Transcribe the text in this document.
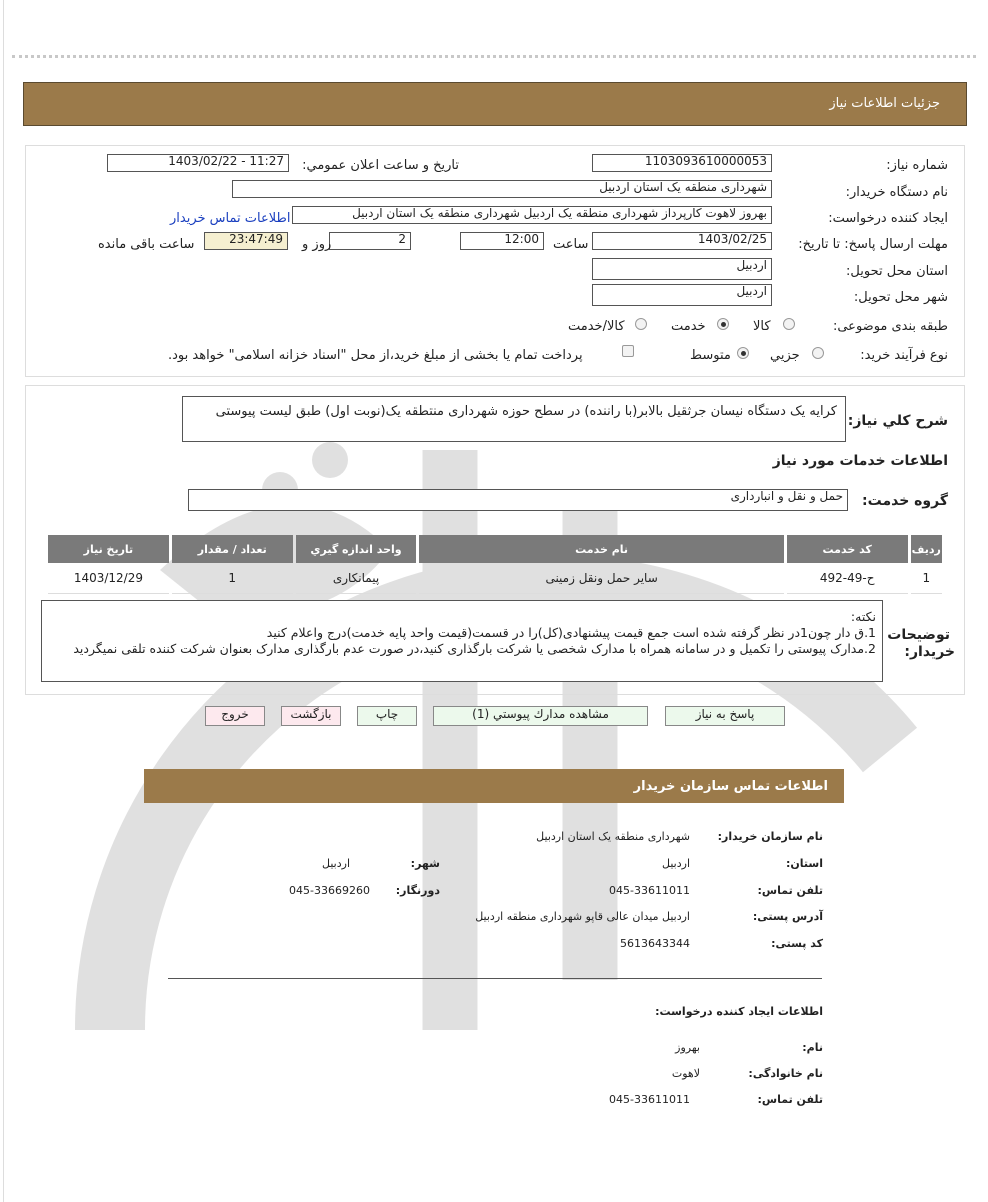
جزئيات اطلاعات نياز
شماره نياز:
1103093610000053
تاريخ و ساعت اعلان عمومي:
1403/02/22 - 11:27
نام دستگاه خريدار:
شهرداری منطقه یک استان اردبیل
ايجاد كننده درخواست:
بهروز لاهوت کارپرداز شهرداری منطقه یک اردبیل شهرداری منطقه یک استان اردبیل
اطلاعات تماس خريدار
مهلت ارسال پاسخ: تا تاريخ:
1403/02/25
ساعت
12:00
2
روز و
23:47:49
ساعت باقی مانده
استان محل تحويل:
اردبیل
شهر محل تحويل:
اردبیل
طبقه بندی موضوعی:
كالا
خدمت
كالا/خدمت
نوع فرآيند خريد:
جزيي
متوسط
پرداخت تمام يا بخشی از مبلغ خريد،از محل "اسناد خزانه اسلامی" خواهد بود.
شرح كلي نياز:
کرایه یک دستگاه نیسان جرثقیل بالابر(با راننده) در سطح حوزه شهرداری منتطقه یک(نوبت اول) طبق لیست پیوستی
اطلاعات خدمات مورد نياز
گروه خدمت:
حمل و نقل و انبارداری
رديف	كد خدمت	نام خدمت	واحد اندازه گيري	تعداد / مقدار	تاريخ نياز
1	ح-49-492	سایر حمل ونقل زمینی	پیمانکاری	1	1403/12/29
توضيحات
خريدار:
نکته:
1.ق دار چون1در نظر گرفته شده است جمع قیمت پیشنهادی(کل)را در قسمت(قیمت واحد پایه خدمت)درج واعلام کنید
2.مدارک پیوستی را تکمیل و در سامانه همراه با مدارک شخصی یا شرکت بارگذاری کنید،در صورت عدم بارگذاری مدارک بعنوان شرکت کننده تلقی نمیگردید
پاسخ به نياز
مشاهده مدارك پيوستي (1)
چاپ
بازگشت
خروج
اطلاعات تماس سازمان خريدار
نام سازمان خریدار:
شهرداری منطقه یک استان اردبیل
استان:
اردبیل
شهر:
اردبیل
تلفن تماس:
045-33611011
دورنگار:
045-33669260
آدرس پستی:
اردبیل میدان عالی قاپو شهرداری منطقه اردبیل
کد پستی:
5613643344
اطلاعات ایجاد کننده درخواست:
نام:
بهروز
نام خانوادگی:
لاهوت
تلفن تماس:
045-33611011
